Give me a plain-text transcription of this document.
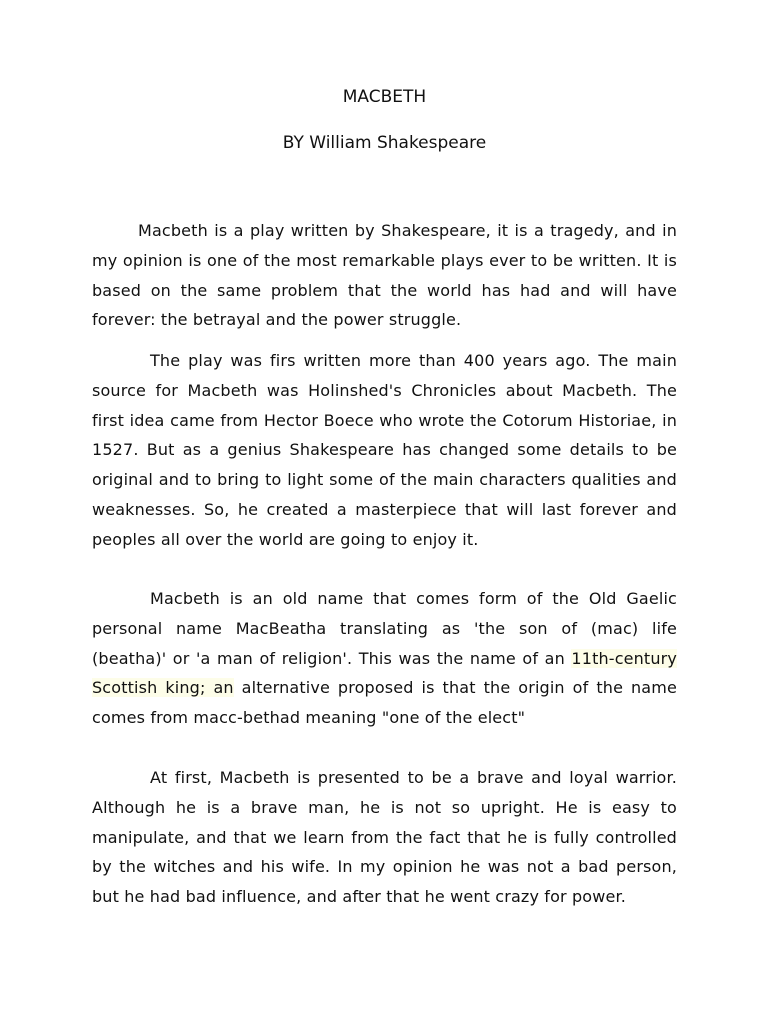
MACBETH
BY William Shakespeare

Macbeth is a play written by Shakespeare, it is a tragedy, and in my opinion is one of the most remarkable plays ever to be written. It is based on the same problem that the world has had and will have forever: the betrayal and the power struggle.

The play was firs written more than 400 years ago. The main source for Macbeth was Holinshed's Chronicles about Macbeth. The first idea came from Hector Boece who wrote the Cotorum Historiae, in 1527. But as a genius Shakespeare has changed some details to be original and to bring to light some of the main characters qualities and weaknesses. So, he created a masterpiece that will last forever and peoples all over the world are going to enjoy it.

Macbeth is an old name that comes form of the Old Gaelic personal name MacBeatha translating as 'the son of (mac) life (beatha)' or 'a man of religion'. This was the name of an 11th-century Scottish king; an alternative proposed is that the origin of the name comes from macc-bethad meaning "one of the elect"

At first, Macbeth is presented to be a brave and loyal warrior. Although he is a brave man, he is not so upright. He is easy to manipulate, and that we learn from the fact that he is fully controlled by the witches and his wife. In my opinion he was not a bad person, but he had bad influence, and after that he went crazy for power.
